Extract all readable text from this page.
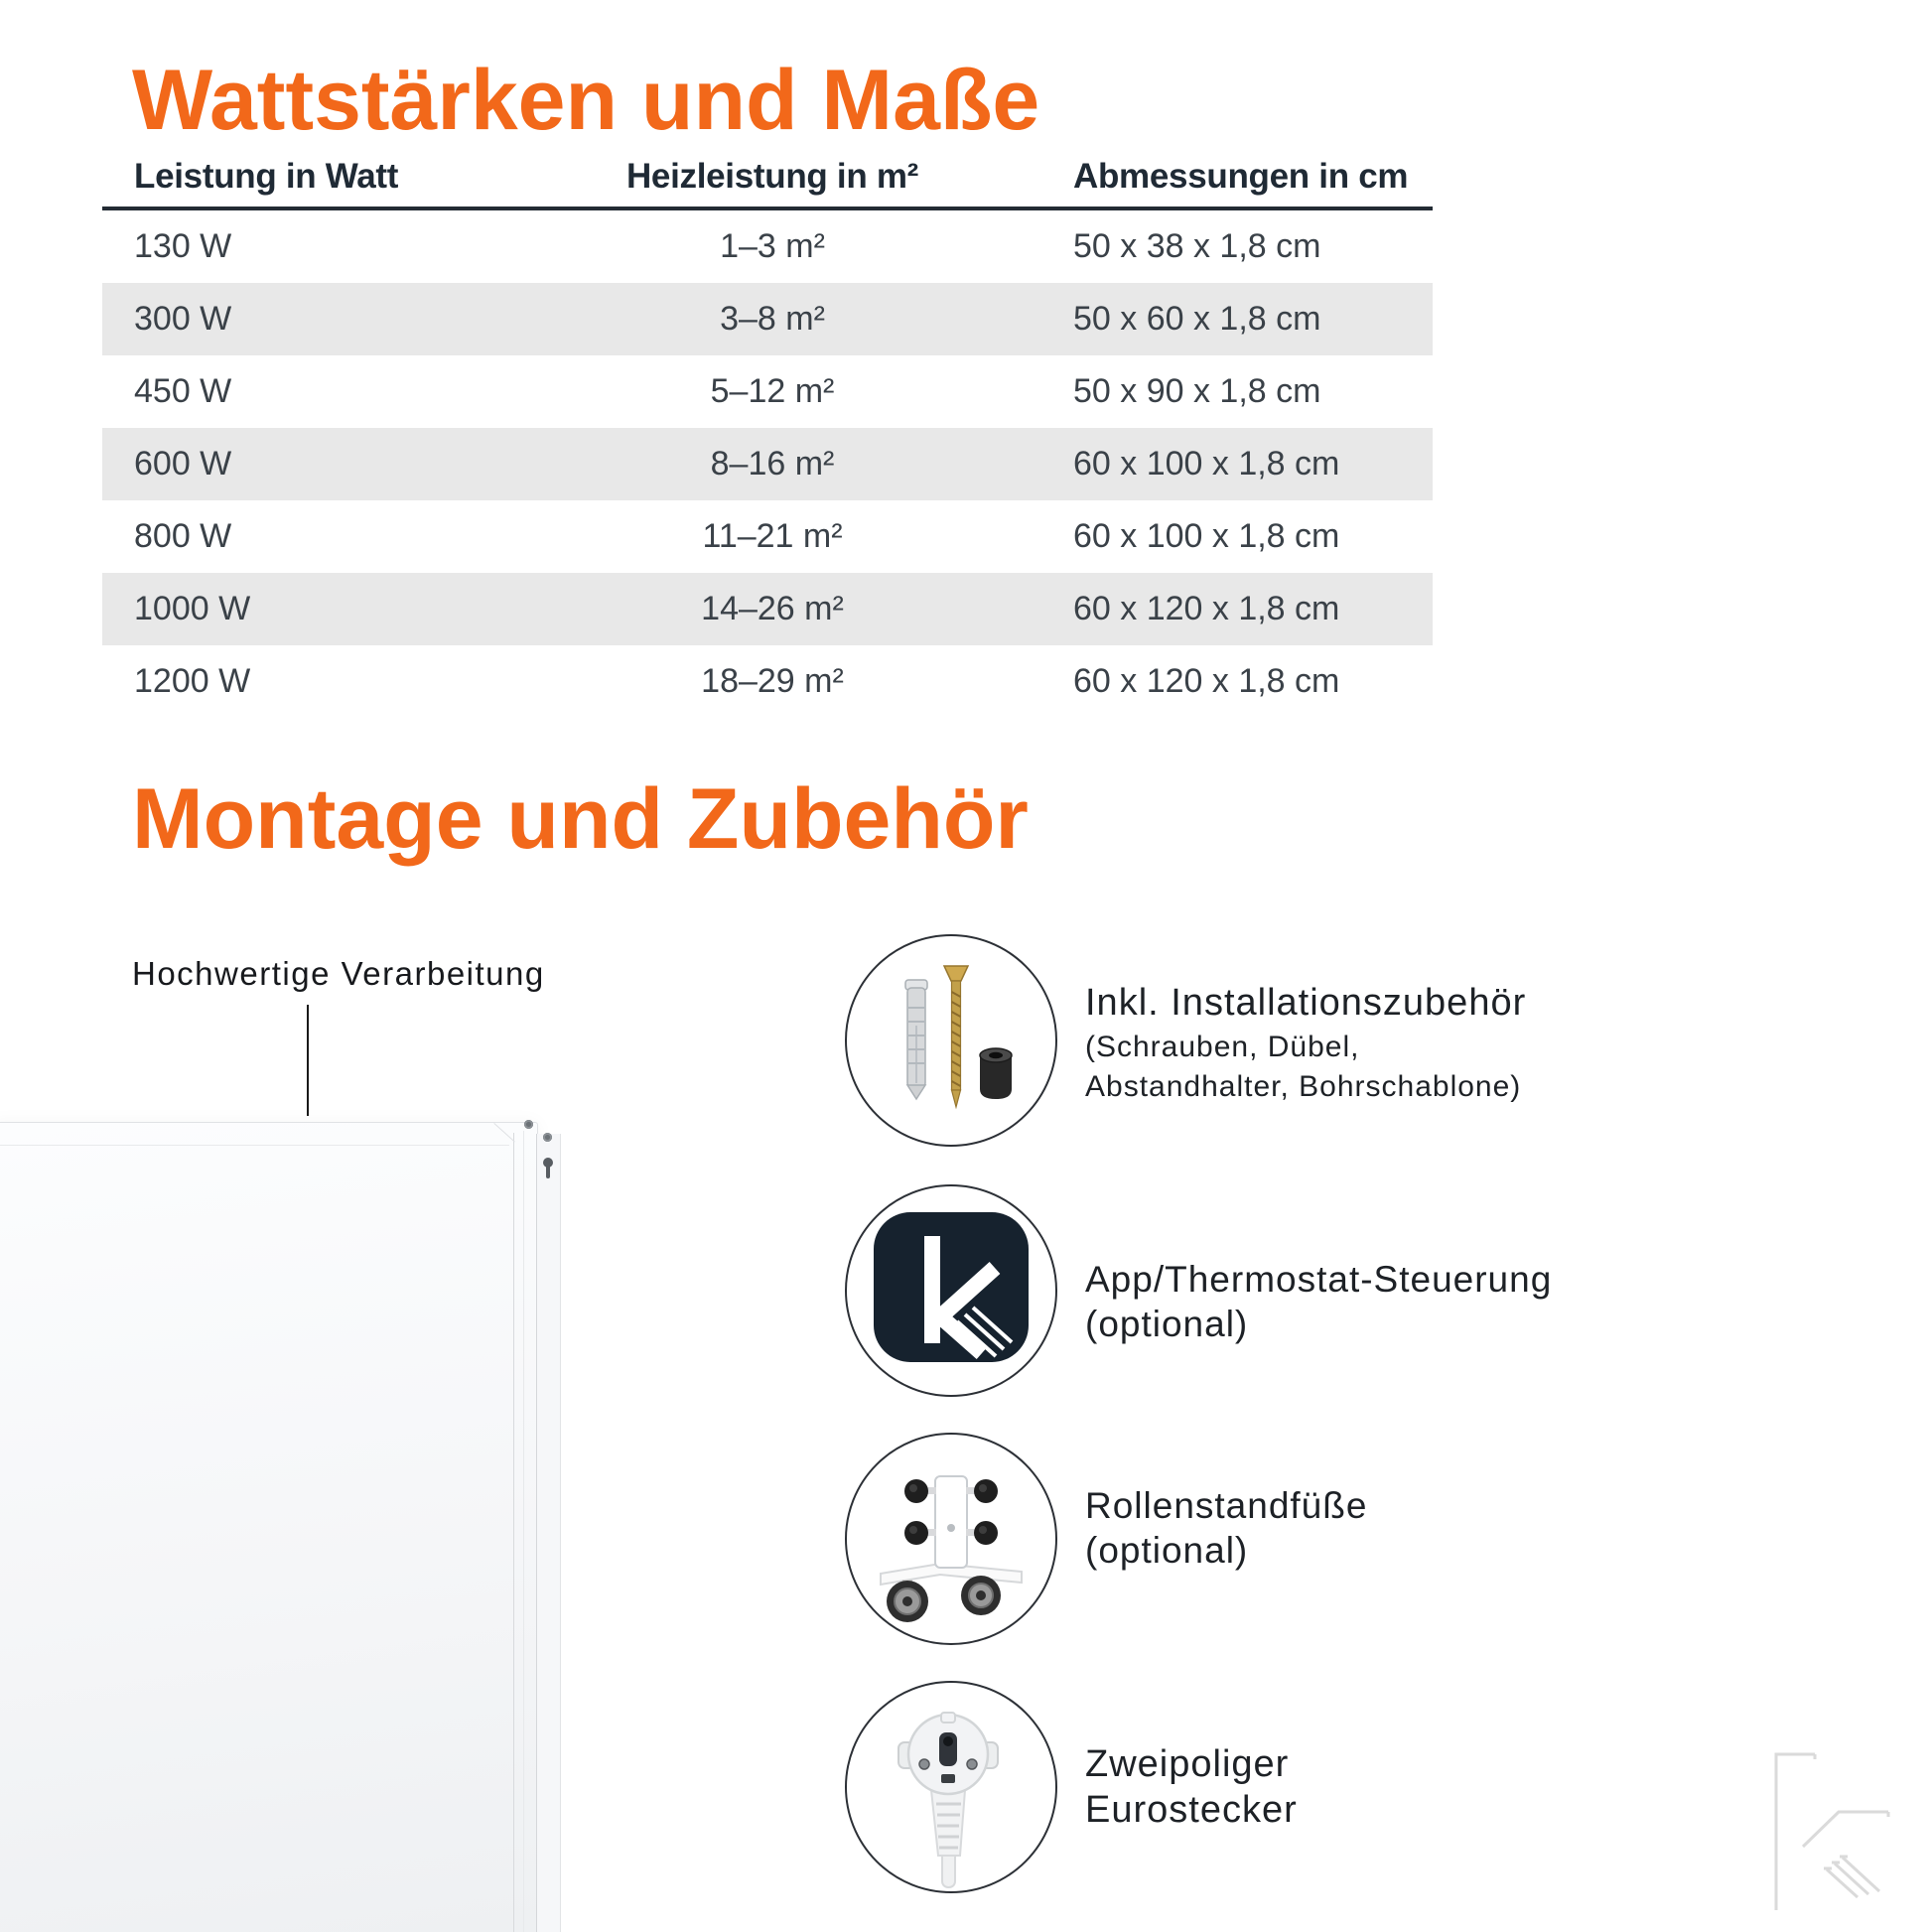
Wattstärken und Maße
Leistung in Watt	Heizleistung in m²	Abmessungen in cm
130 W	1–3 m²	50 x 38 x 1,8 cm
300 W	3–8 m²	50 x 60 x 1,8 cm
450 W	5–12 m²	50 x 90 x 1,8 cm
600 W	8–16 m²	60 x 100 x 1,8 cm
800 W	11–21 m²	60 x 100 x 1,8 cm
1000 W	14–26 m²	60 x 120 x 1,8 cm
1200 W	18–29 m²	60 x 120 x 1,8 cm
Montage und Zubehör
Hochwertige Verarbeitung
Inkl. Installationszubehör
(Schrauben, Dübel,
Abstandhalter, Bohrschablone)
App/Thermostat-Steuerung
(optional)
Rollenstandfüße
(optional)
Zweipoliger
Eurostecker
